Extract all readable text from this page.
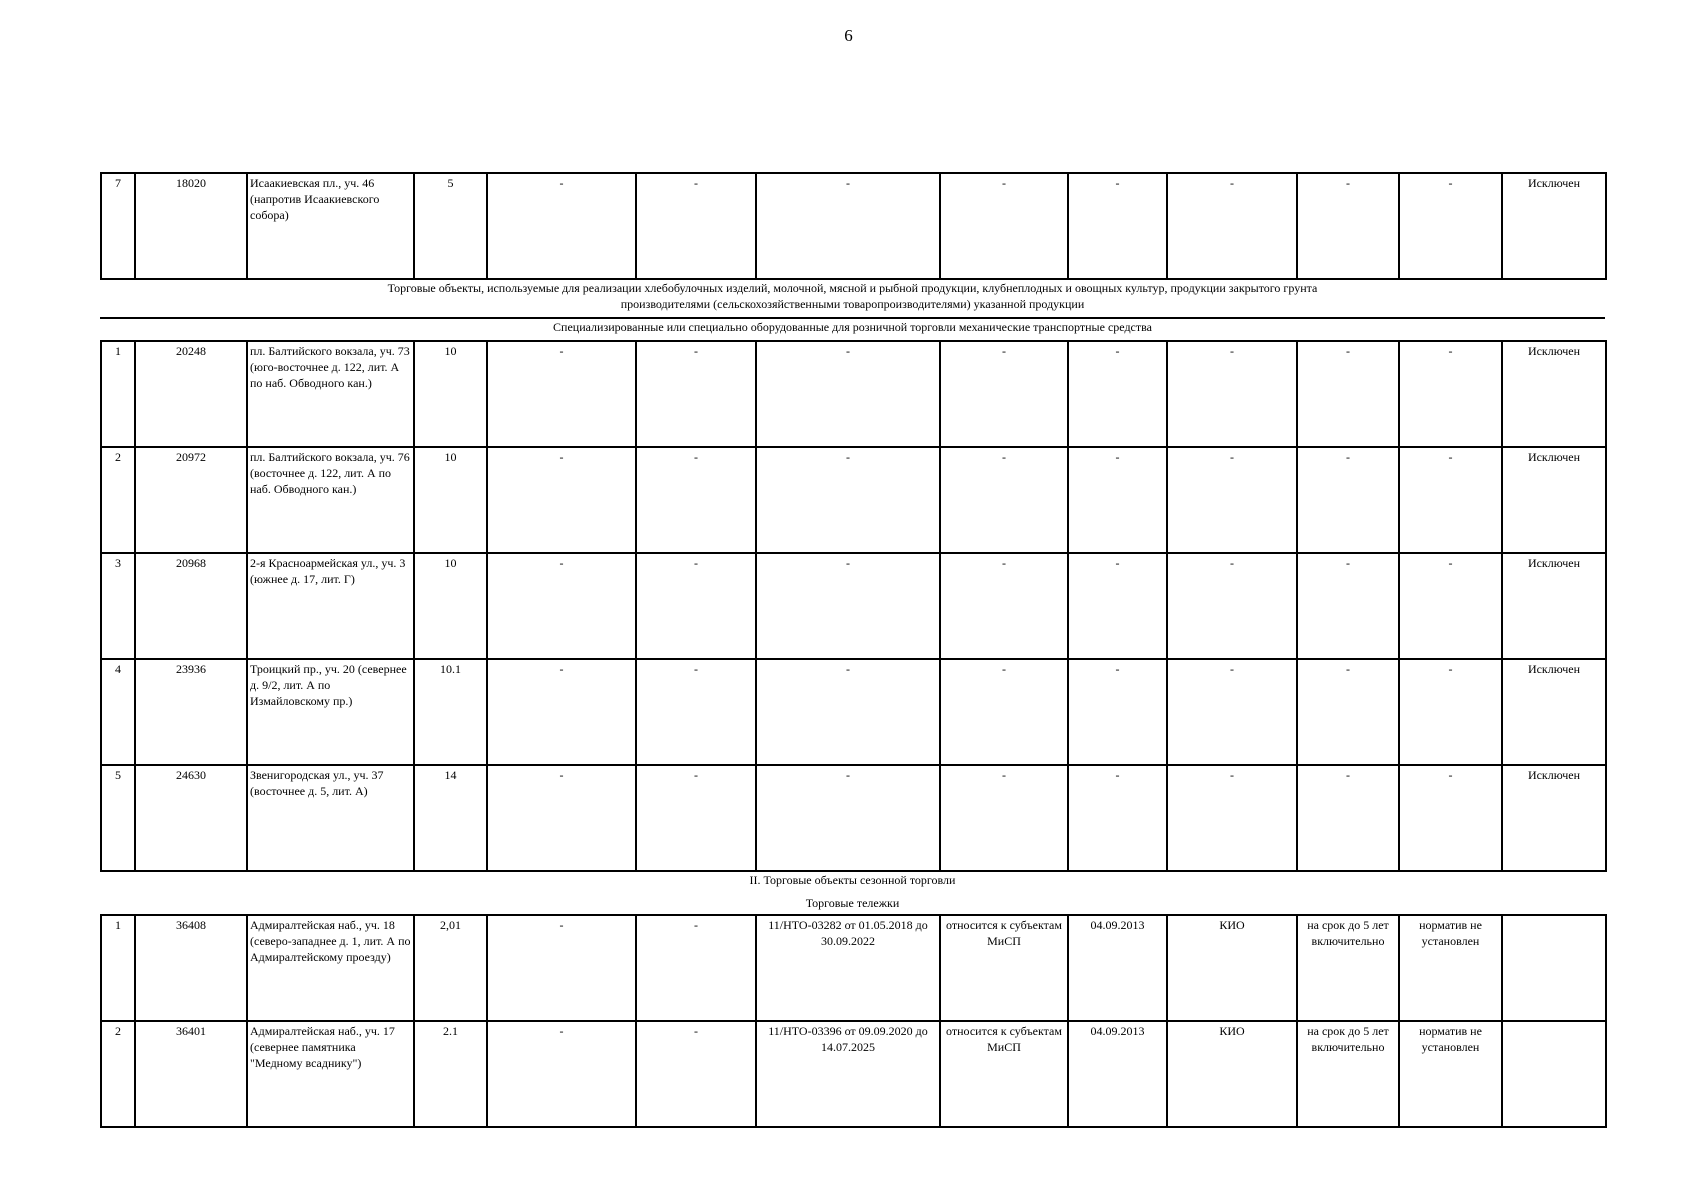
6
7	18020	Исаакиевская пл., уч. 46 (напротив Исаакиевского собора)	5	-	-	-	-	-	-	-	-	Исключен
Торговые объекты, используемые для реализации хлебобулочных изделий, молочной, мясной и рыбной продукции, клубнеплодных и овощных культур, продукции закрытого грунта
производителями (сельскохозяйственными товаропроизводителями) указанной продукции
Специализированные или специально оборудованные для розничной торговли механические транспортные средства
1	20248	пл. Балтийского вокзала, уч. 73 (юго-восточнее д. 122, лит. А по наб. Обводного кан.)	10	-	-	-	-	-	-	-	-	Исключен
2	20972	пл. Балтийского вокзала, уч. 76 (восточнее д. 122, лит. А по наб. Обводного кан.)	10	-	-	-	-	-	-	-	-	Исключен
3	20968	2-я Красноармейская ул., уч. 3 (южнее д. 17, лит. Г)	10	-	-	-	-	-	-	-	-	Исключен
4	23936	Троицкий пр., уч. 20 (севернее д. 9/2, лит. А по Измайловскому пр.)	10.1	-	-	-	-	-	-	-	-	Исключен
5	24630	Звенигородская ул., уч. 37 (восточнее д. 5, лит. А)	14	-	-	-	-	-	-	-	-	Исключен
II. Торговые объекты сезонной торговли
Торговые тележки
1	36408	Адмиралтейская наб., уч. 18 (северо-западнее д. 1, лит. А по Адмиралтейскому проезду)	2,01	-	-	11/НТО-03282 от 01.05.2018 до 30.09.2022	относится к субъектам МиСП	04.09.2013	КИО	на срок до 5 лет включительно	норматив не установлен	
2	36401	Адмиралтейская наб., уч. 17 (севернее памятника "Медному всаднику")	2.1	-	-	11/НТО-03396 от 09.09.2020 до 14.07.2025	относится к субъектам МиСП	04.09.2013	КИО	на срок до 5 лет включительно	норматив не установлен	
